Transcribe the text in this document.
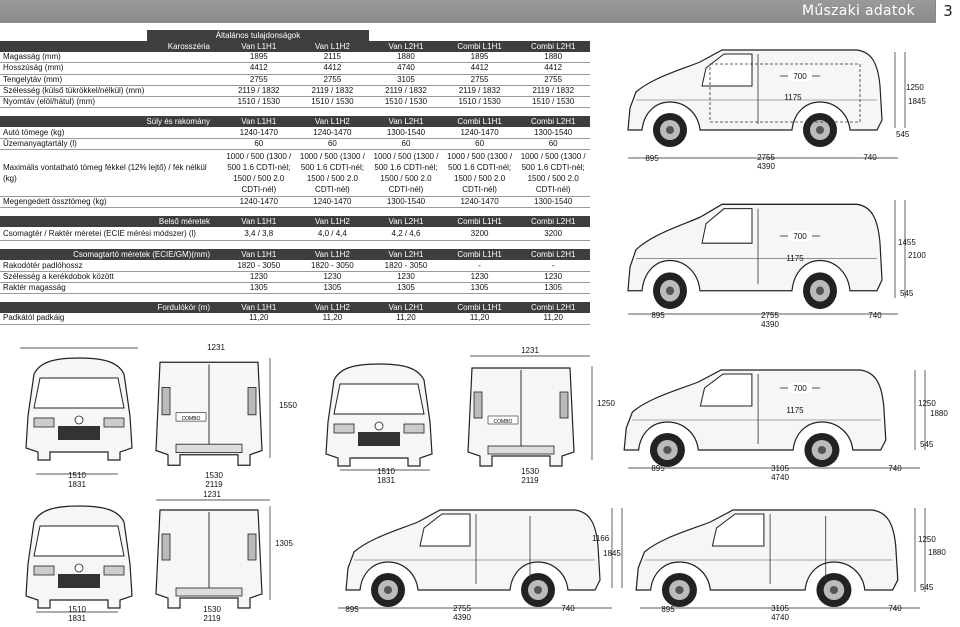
Műszaki adatok	3
Általános tulajdonságok
Karosszéria	Van L1H1	Van L1H2	Van L2H1	Combi L1H1	Combi L2H1
Magasság (mm)	1895	2115	1880	1895	1880
Hosszúság (mm)	4412	4412	4740	4412	4412
Tengelytáv (mm)	2755	2755	3105	2755	2755
Szélesség (külső tükrökkel/nélkül) (mm)	2119 / 1832	2119 / 1832	2119 / 1832	2119 / 1832	2119 / 1832
Nyomtáv (elöl/hátul) (mm)	1510 / 1530	1510 / 1530	1510 / 1530	1510 / 1530	1510 / 1530
Súly és rakomány	Van L1H1	Van L1H2	Van L2H1	Combi L1H1	Combi L2H1
Autó tömege (kg)	1240-1470	1240-1470	1300-1540	1240-1470	1300-1540
Üzemanyagtartály (l)	60	60	60	60	60
Maximális vontatható tömeg fékkel (12% lejtő) / fék nélkül (kg)	1000 / 500 (1300 / 500 1.6 CDTI-nél; 1500 / 500 2.0 CDTI-nél)	1000 / 500 (1300 / 500 1.6 CDTI-nél; 1500 / 500 2.0 CDTI-nél)	1000 / 500 (1300 / 500 1.6 CDTI-nél; 1500 / 500 2.0 CDTI-nél)	1000 / 500 (1300 / 500 1.6 CDTI-nél; 1500 / 500 2.0 CDTI-nél)	1000 / 500 (1300 / 500 1.6 CDTI-nél; 1500 / 500 2.0 CDTI-nél)
Megengedett össztömeg (kg)	1240-1470	1240-1470	1300-1540	1240-1470	1300-1540
Belső méretek	Van L1H1	Van L1H2	Van L2H1	Combi L1H1	Combi L2H1
Csomagtér / Raktér méretei (ECIE mérési módszer) (l)	3,4 / 3,8	4,0 / 4,4	4,2 / 4,6	3200	3200
Csomagtartó méretek (ECIE/GM)(mm)	Van L1H1	Van L1H2	Van L2H1	Combi L1H1	Combi L2H1
Rakodótér padlóhossz	1820 - 3050	1820 - 3050	1820 - 3050	-	-
Szélesség a kerékdobok között	1230	1230	1230	1230	1230
Raktér magasság	1305	1305	1305	1305	1305
Fordulókör (m)	Van L1H1	Van L1H2	Van L2H1	Combi L1H1	Combi L2H1
Padkától padkáig	11,20	11,20	11,20	11,20	11,20
700
1175
1250
1845
545
895	2755
4390
740
700
1175
1455
2100
545
895	2755
4390
740
700
1175
1250
1880
545
895	3105
4740
740
1166
1845
895	2755
4390
740
1250
1880
545
895	3105
4740
740
COMBO
1231
1550
1510
1831
1530
2119
COMBO
1231
1250
1510
1831
1530
2119
1231
1305
1510
1831
1530
2119
